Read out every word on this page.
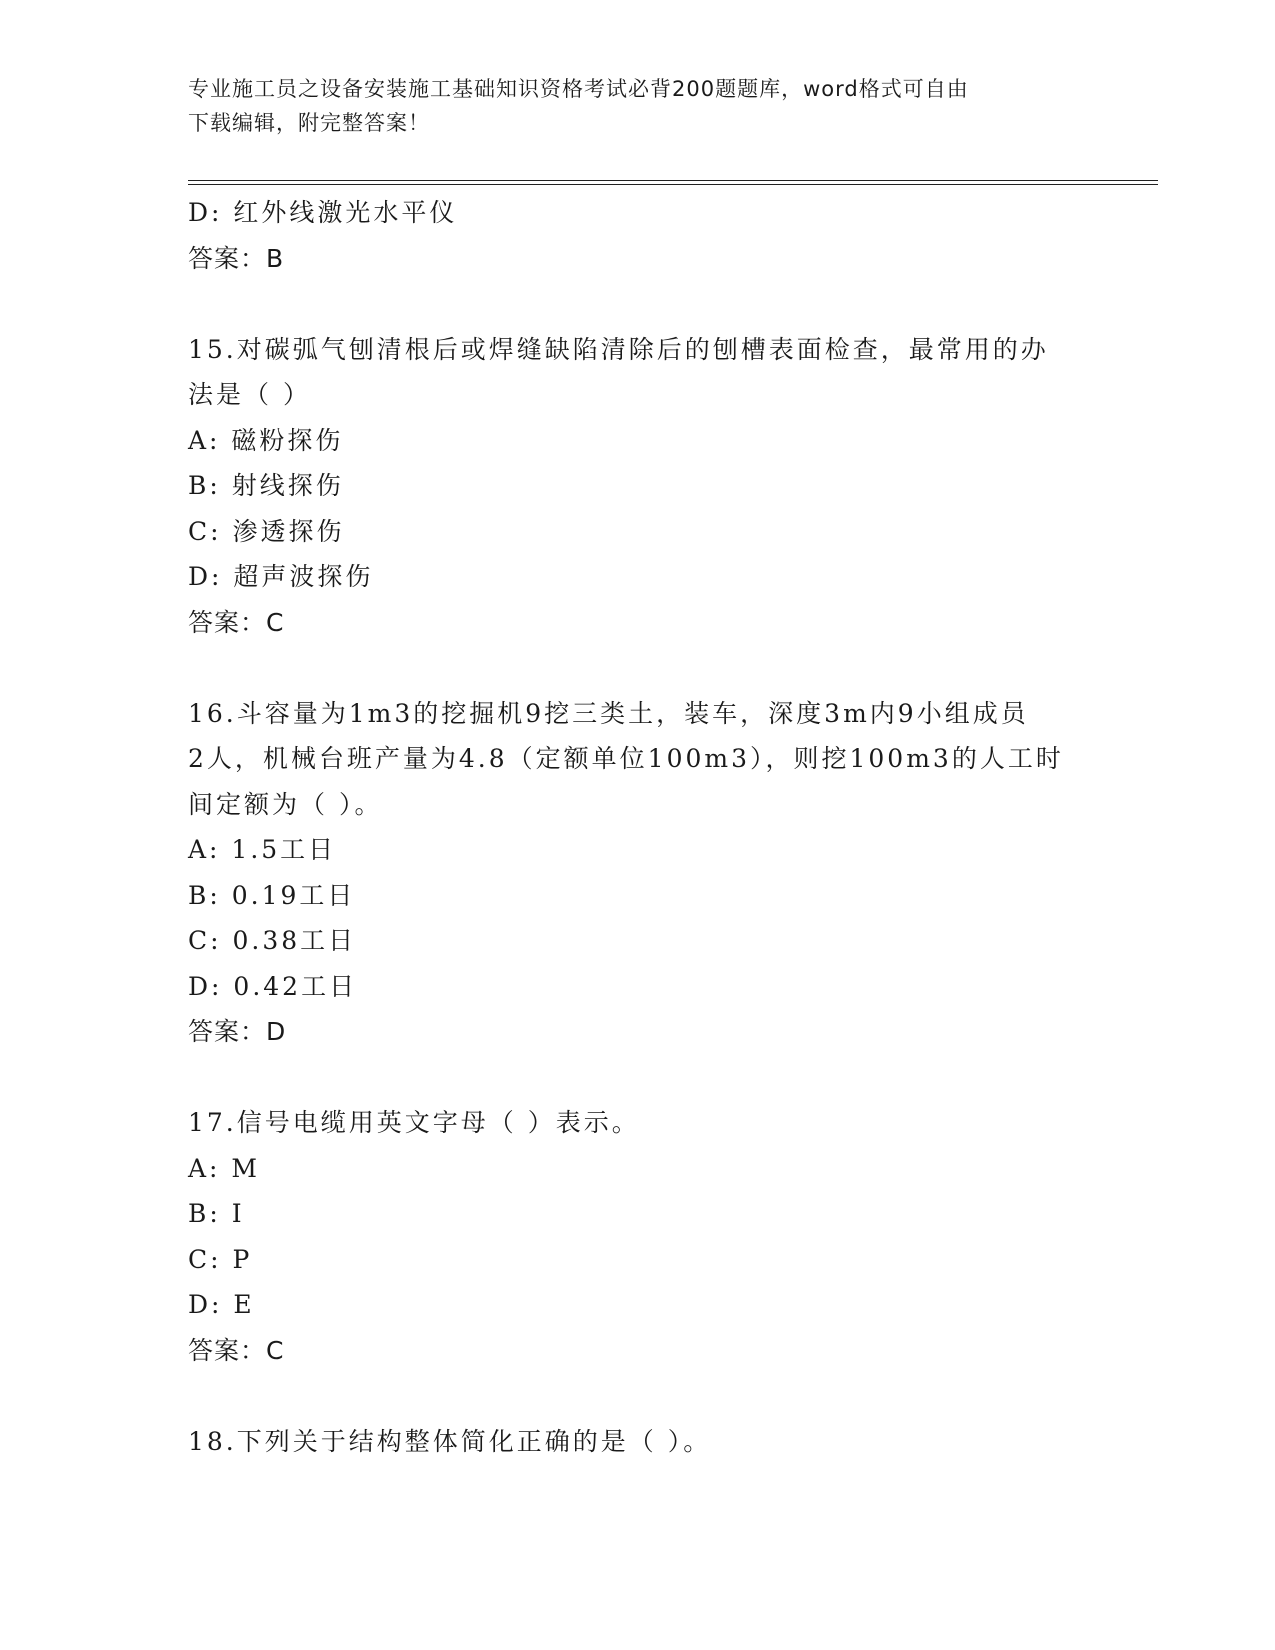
专业施工员之设备安装施工基础知识资格考试必背200题题库，word格式可自由
下载编辑，附完整答案！
D: 红外线激光水平仪
答案：B
15.对碳弧气刨清根后或焊缝缺陷清除后的刨槽表面检查，最常用的办
法是（ ）
A: 磁粉探伤
B: 射线探伤
C: 渗透探伤
D: 超声波探伤
答案：C
16.斗容量为1m3的挖掘机9挖三类土，装车，深度3m内9小组成员
2人，机械台班产量为4.8（定额单位100m3），则挖100m3的人工时
间定额为（ ）。
A: 1.5工日
B: 0.19工日
C: 0.38工日
D: 0.42工日
答案：D
17.信号电缆用英文字母（ ）表示。
A: M
B: I
C: P
D: E
答案：C
18.下列关于结构整体简化正确的是（ ）。
